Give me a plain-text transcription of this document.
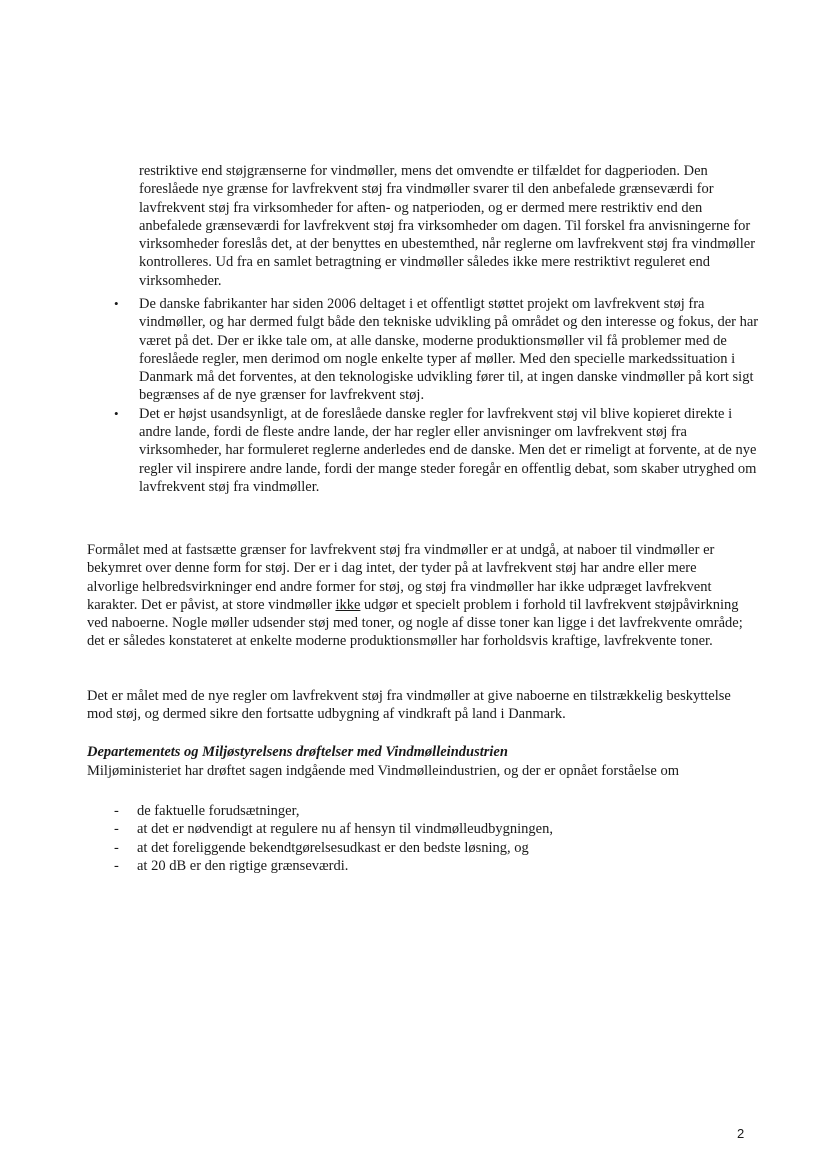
restriktive end støjgrænserne for vindmøller, mens det omvendte er tilfældet for dagperioden. Den foreslåede nye grænse for lavfrekvent støj fra vindmøller svarer til den anbefalede grænseværdi for lavfrekvent støj fra virksomheder for aften- og natperioden, og er dermed mere restriktiv end den anbefalede grænseværdi for lavfrekvent støj fra virksomheder om dagen. Til forskel fra anvisningerne for virksomheder foreslås det, at der benyttes en ubestemthed, når reglerne om lavfrekvent støj fra vindmøller kontrolleres. Ud fra en samlet betragtning er vindmøller således ikke mere restriktivt reguleret end virksomheder.
• De danske fabrikanter har siden 2006 deltaget i et offentligt støttet projekt om lavfrekvent støj fra vindmøller, og har dermed fulgt både den tekniske udvikling på området og den interesse og fokus, der har været på det. Der er ikke tale om, at alle danske, moderne produktionsmøller vil få problemer med de foreslåede regler, men derimod om nogle enkelte typer af møller. Med den specielle markedssituation i Danmark må det forventes, at den teknologiske udvikling fører til, at ingen danske vindmøller på kort sigt begrænses af de nye grænser for lavfrekvent støj.
• Det er højst usandsynligt, at de foreslåede danske regler for lavfrekvent støj vil blive kopieret direkte i andre lande, fordi de fleste andre lande, der har regler eller anvisninger om lavfrekvent støj fra virksomheder, har formuleret reglerne anderledes end de danske. Men det er rimeligt at forvente, at de nye regler vil inspirere andre lande, fordi der mange steder foregår en offentlig debat, som skaber utryghed om lavfrekvent støj fra vindmøller.

Formålet med at fastsætte grænser for lavfrekvent støj fra vindmøller er at undgå, at naboer til vindmøller er bekymret over denne form for støj. Der er i dag intet, der tyder på at lavfrekvent støj har andre eller mere alvorlige helbredsvirkninger end andre former for støj, og støj fra vindmøller har ikke udpræget lavfrekvent karakter. Det er påvist, at store vindmøller ikke udgør et specielt problem i forhold til lavfrekvent støjpåvirkning ved naboerne. Nogle møller udsender støj med toner, og nogle af disse toner kan ligge i det lavfrekvente område; det er således konstateret at enkelte moderne produktionsmøller har forholdsvis kraftige, lavfrekvente toner.

Det er målet med de nye regler om lavfrekvent støj fra vindmøller at give naboerne en tilstrækkelig beskyttelse mod støj, og dermed sikre den fortsatte udbygning af vindkraft på land i Danmark.

Departementets og Miljøstyrelsens drøftelser med Vindmølleindustrien

Miljøministeriet har drøftet sagen indgående med Vindmølleindustrien, og der er opnået forståelse om

- de faktuelle forudsætninger,
- at det er nødvendigt at regulere nu af hensyn til vindmølleudbygningen,
- at det foreliggende bekendtgørelsesudkast er den bedste løsning, og
- at 20 dB er den rigtige grænseværdi.
2
